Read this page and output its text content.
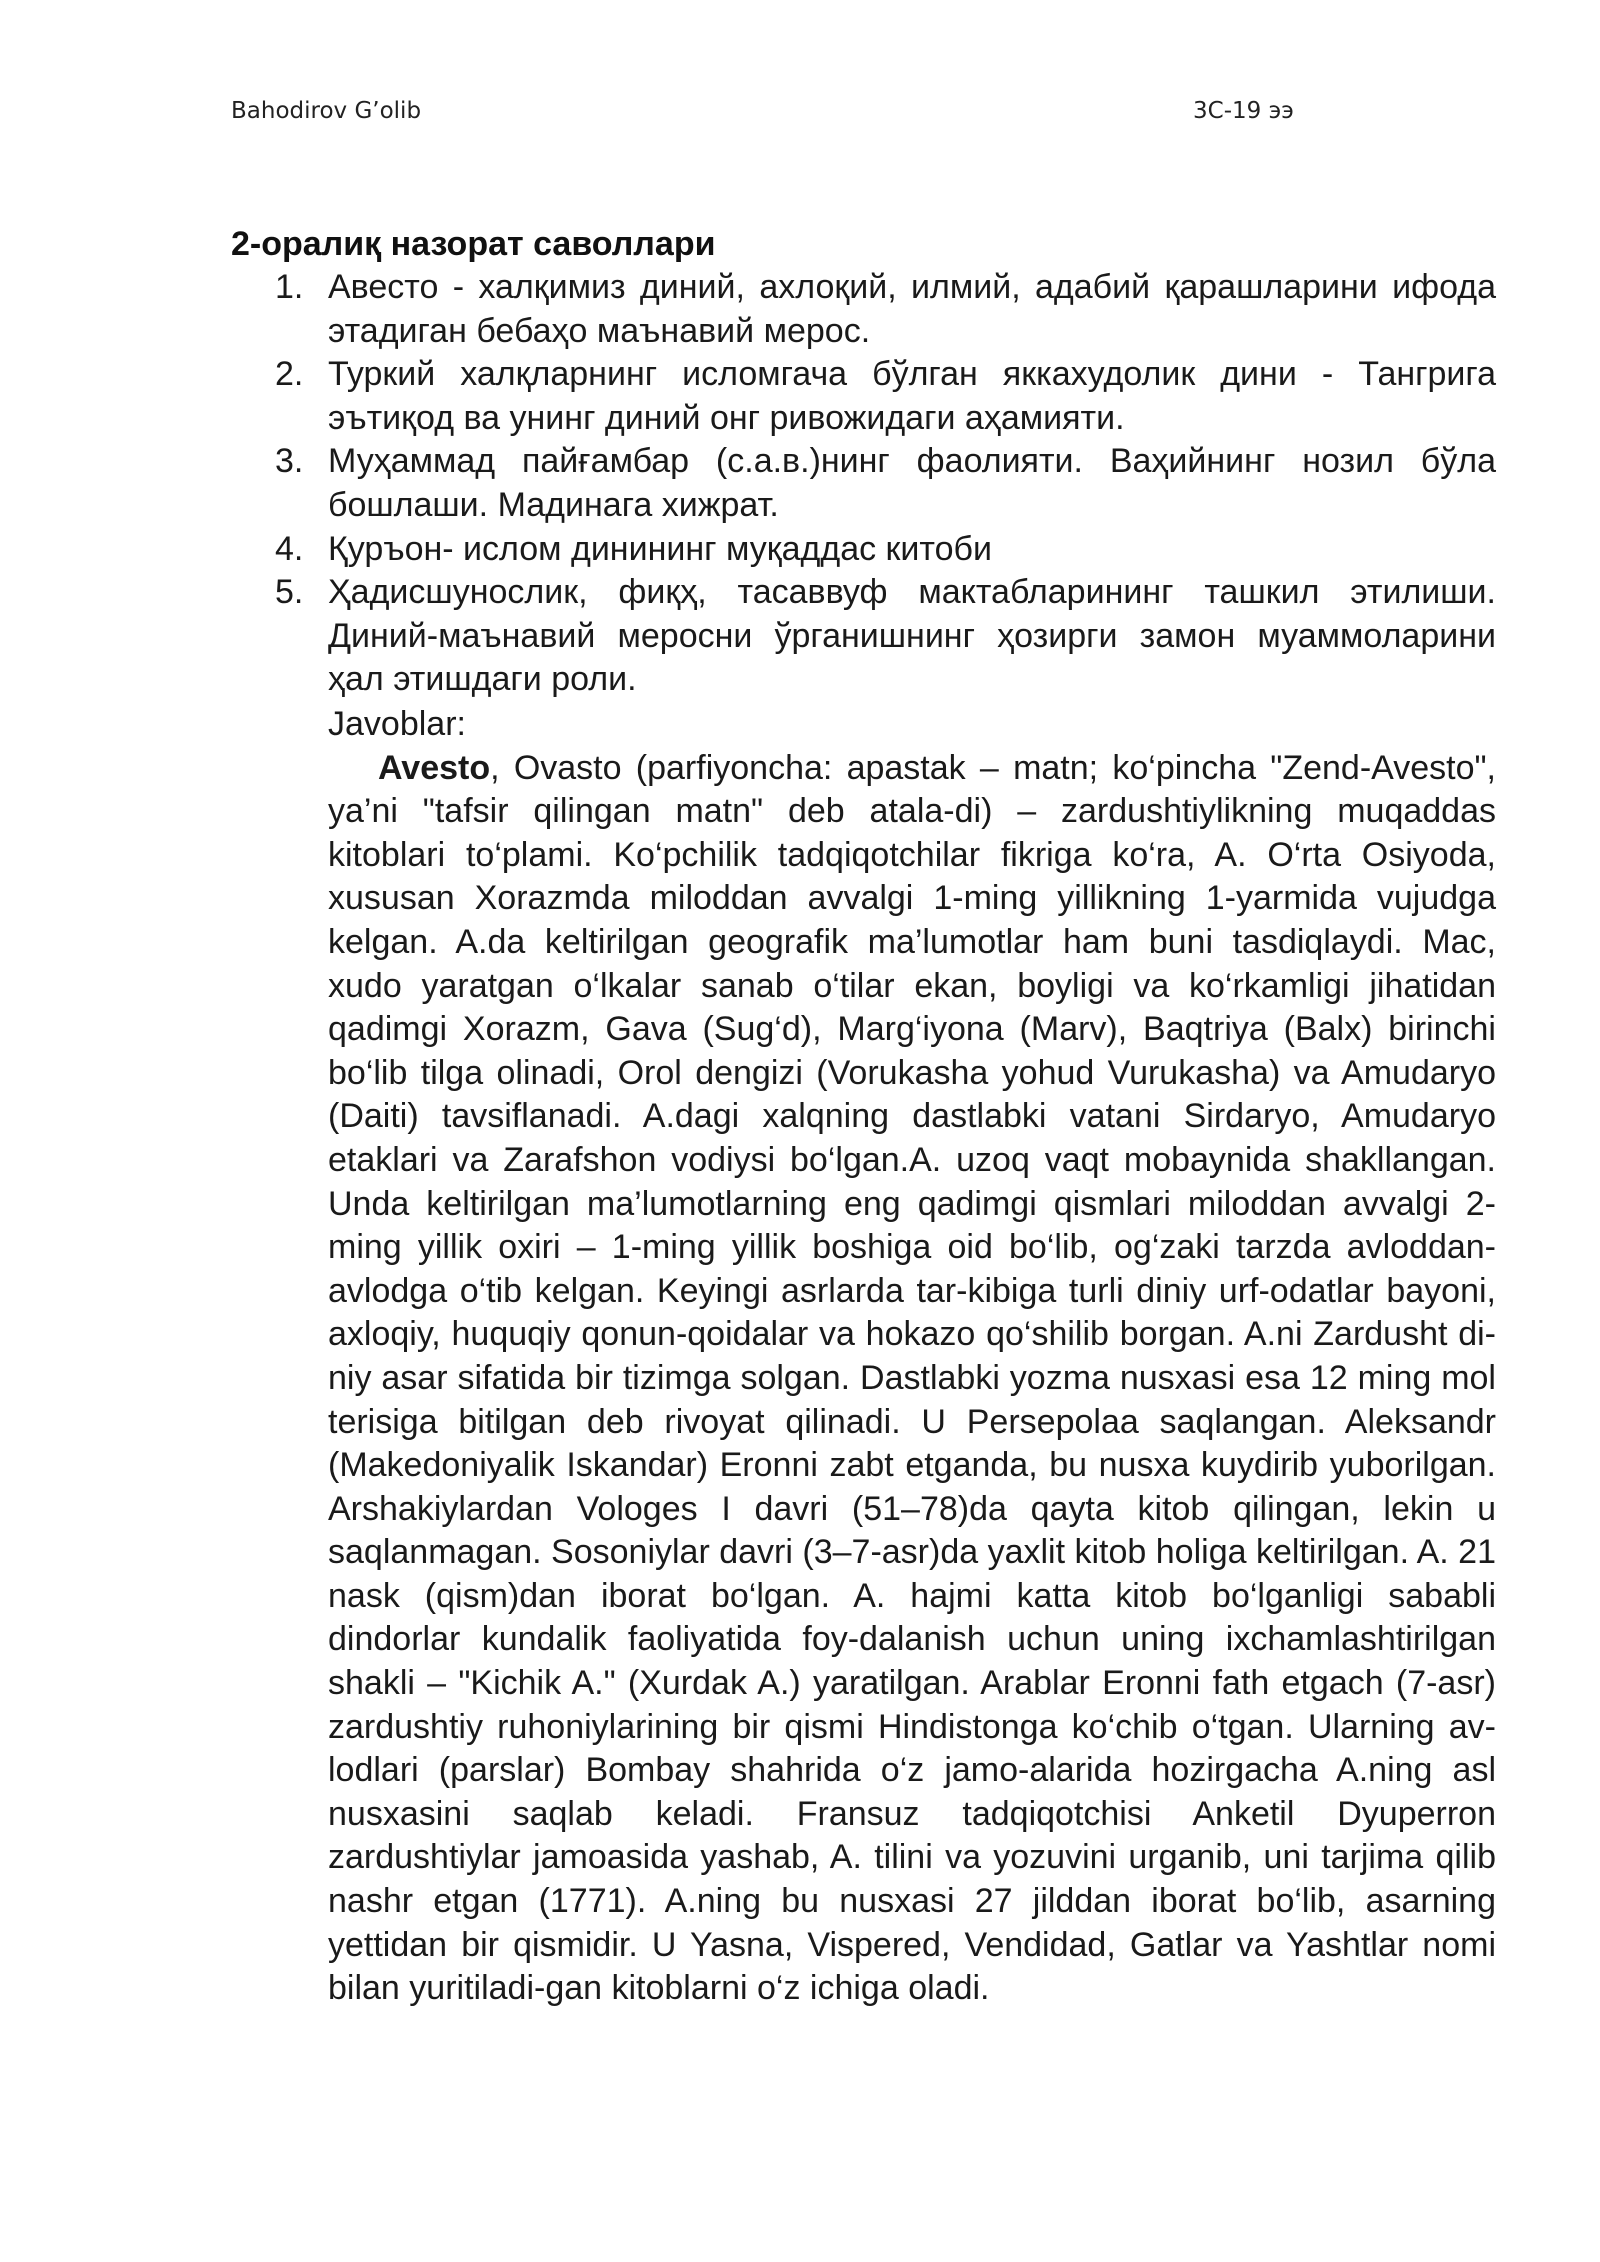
Bahodirov G’olib	3C-19 ээ
2-оралиқ назорат саволлари
1. Авесто - халқимиз диний, ахлоқий, илмий, адабий қарашларини ифода этадиган бебаҳо маънавий мерос.
2. Туркий халқларнинг исломгача бўлган яккахудолик дини - Тангрига эътиқод ва унинг диний онг ривожидаги аҳамияти.
3. Муҳаммад пайғамбар (с.а.в.)нинг фаолияти. Ваҳийнинг нозил бўла бошлаши. Мадинага хижрат.
4. Қуръон- ислом динининг муқаддас китоби
5. Ҳадисшунослик, фиқҳ, тасаввуф мактабларининг ташкил этилиши. Диний-маънавий меросни ўрганишнинг ҳозирги замон муаммоларини ҳал этишдаги роли.

Javoblar:

Avesto, Ovasto (parfiyoncha: apastak – matn; ko‘pincha "Zend-Avesto", ya’ni "tafsir qilingan matn" deb atala-di) – zardushtiylikning muqaddas kitoblari to‘plami. Ko‘pchilik tadqiqotchilar fikriga ko‘ra, A. O‘rta Osiyoda, xususan Xorazmda miloddan avvalgi 1-ming yillikning 1-yarmida vujudga kelgan. A.da keltirilgan geografik ma’lumotlar ham buni tasdiqlaydi. Mac, xudo yaratgan o‘lkalar sanab o‘tilar ekan, boyligi va ko‘rkamligi jihatidan qadimgi Xorazm, Gava (Sug‘d), Marg‘iyona (Marv), Baqtriya (Balx) birinchi bo‘lib tilga olinadi, Orol dengizi (Vorukasha yohud Vurukasha) va Amudaryo (Daiti) tavsiflanadi. A.dagi xalqning dastlabki vatani Sirdaryo, Amudaryo etaklari va Zarafshon vodiysi bo‘lgan.A. uzoq vaqt mobaynida shakllangan. Unda keltirilgan ma’lumotlarning eng qadimgi qismlari miloddan avvalgi 2-ming yillik oxiri – 1-ming yillik boshiga oid bo‘lib, og‘zaki tarzda avloddan-avlodga o‘tib kelgan. Keyingi asrlarda tar-kibiga turli diniy urf-odatlar bayoni, axloqiy, huquqiy qonun-qoidalar va hokazo qo‘shilib borgan. A.ni Zardusht di-niy asar sifatida bir tizimga solgan. Dastlabki yozma nusxasi esa 12 ming mol terisiga bitilgan deb rivoyat qilinadi. U Persepolaa saqlangan. Aleksandr (Makedoniyalik Iskandar) Eronni zabt etganda, bu nusxa kuydirib yuborilgan. Arshakiylardan Vologes I davri (51–78)da qayta kitob qilingan, lekin u saqlanmagan. Sosoniylar davri (3–7-asr)da yaxlit kitob holiga keltirilgan. A. 21 nask (qism)dan iborat bo‘lgan. A. hajmi katta kitob bo‘lganligi sababli dindorlar kundalik faoliyatida foy-dalanish uchun uning ixchamlashtirilgan shakli – "Kichik A." (Xurdak A.) yaratilgan. Arablar Eronni fath etgach (7-asr) zardushtiy ruhoniylarining bir qismi Hindistonga ko‘chib o‘tgan. Ularning av-lodlari (parslar) Bombay shahrida o‘z jamo-alarida hozirgacha A.ning asl nusxasini saqlab keladi. Fransuz tadqiqotchisi Anketil Dyuperron zardushtiylar jamoasida yashab, A. tilini va yozuvini urganib, uni tarjima qilib nashr etgan (1771). A.ning bu nusxasi 27 jilddan iborat bo‘lib, asarning yettidan bir qismidir. U Yasna, Vispered, Vendidad, Gatlar va Yashtlar nomi bilan yuritiladi-gan kitoblarni o‘z ichiga oladi.
